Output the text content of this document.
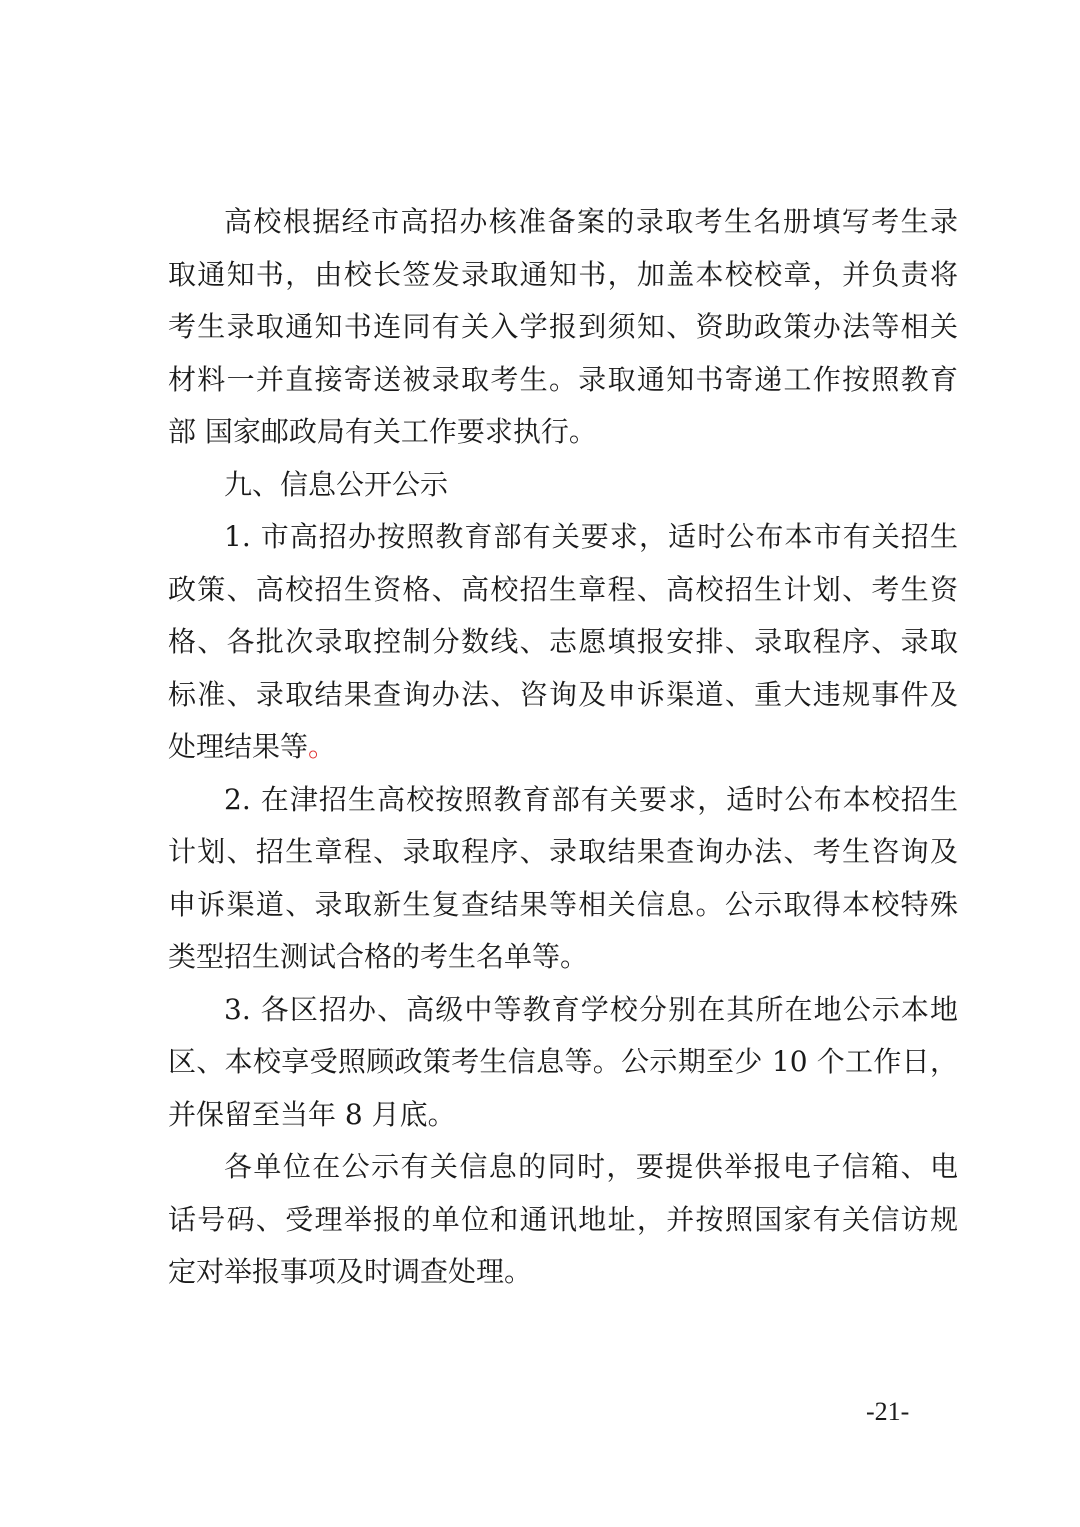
高校根据经市高招办核准备案的录取考生名册填写考生录
取通知书，由校长签发录取通知书，加盖本校校章，并负责将
考生录取通知书连同有关入学报到须知、资助政策办法等相关
材料一并直接寄送被录取考生。录取通知书寄递工作按照教育
部 国家邮政局有关工作要求执行。
九、信息公开公示
1. 市高招办按照教育部有关要求，适时公布本市有关招生
政策、高校招生资格、高校招生章程、高校招生计划、考生资
格、各批次录取控制分数线、志愿填报安排、录取程序、录取
标准、录取结果查询办法、咨询及申诉渠道、重大违规事件及
处理结果等。
2. 在津招生高校按照教育部有关要求，适时公布本校招生
计划、招生章程、录取程序、录取结果查询办法、考生咨询及
申诉渠道、录取新生复查结果等相关信息。公示取得本校特殊
类型招生测试合格的考生名单等。
3. 各区招办、高级中等教育学校分别在其所在地公示本地
区、本校享受照顾政策考生信息等。公示期至少 10 个工作日，
并保留至当年 8 月底。
各单位在公示有关信息的同时，要提供举报电子信箱、电
话号码、受理举报的单位和通讯地址，并按照国家有关信访规
定对举报事项及时调查处理。
-21-
